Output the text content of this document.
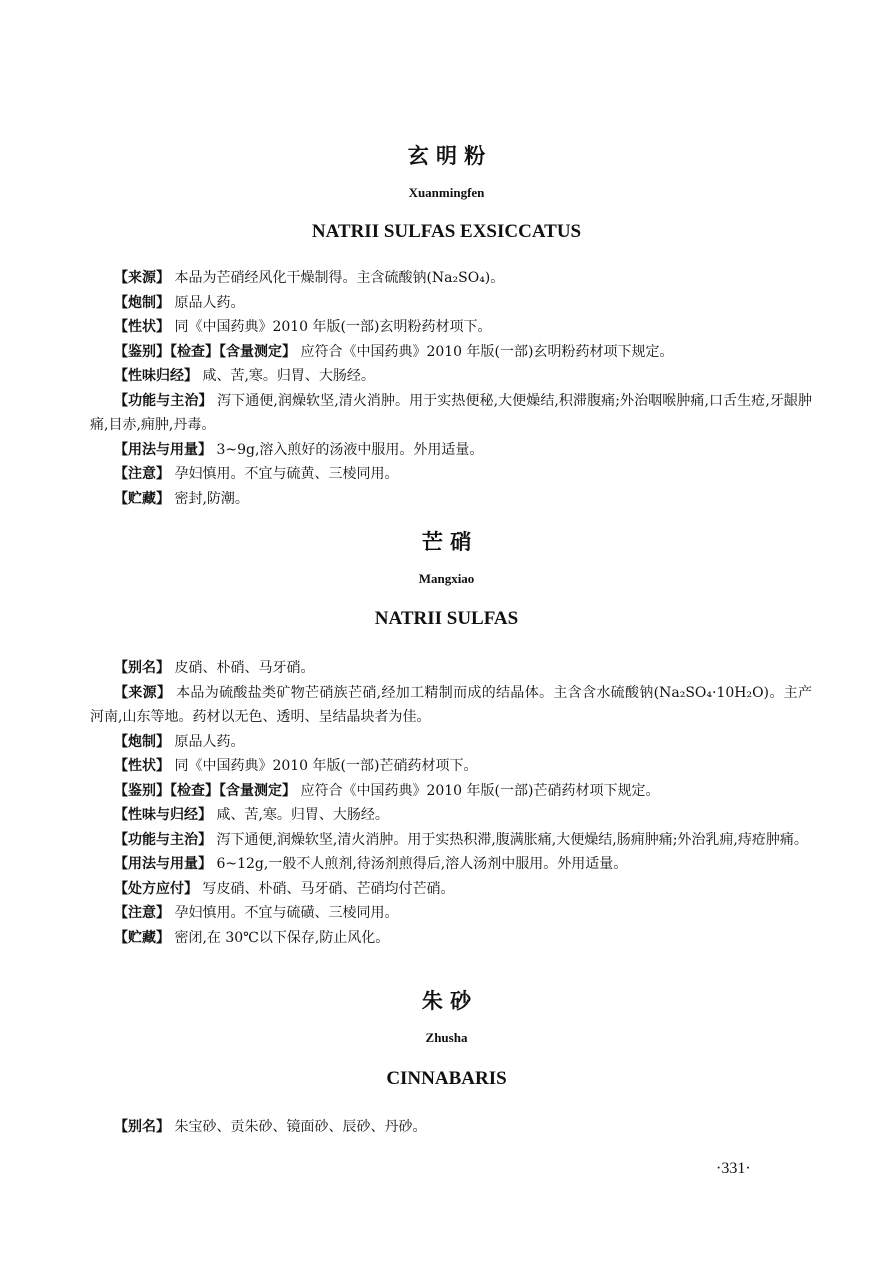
玄 明 粉
Xuanmingfen
NATRII SULFAS EXSICCATUS

【来源】 本品为芒硝经风化干燥制得。主含硫酸钠(Na₂SO₄)。

【炮制】 原品人药。

【性状】 同《中国药典》2010 年版(一部)玄明粉药材项下。

【鉴别】【检查】【含量测定】 应符合《中国药典》2010 年版(一部)玄明粉药材项下规定。

【性味归经】 咸、苦,寒。归胃、大肠经。

【功能与主治】 泻下通便,润燥软坚,清火消肿。用于实热便秘,大便燥结,积滞腹痛;外治咽喉肿痛,口舌生疮,牙龈肿痛,目赤,痈肿,丹毒。

【用法与用量】 3~9g,溶入煎好的汤液中服用。外用适量。

【注意】 孕妇慎用。不宜与硫黄、三棱同用。

【贮藏】 密封,防潮。

芒 硝
Mangxiao
NATRII SULFAS

【别名】 皮硝、朴硝、马牙硝。

【来源】 本品为硫酸盐类矿物芒硝族芒硝,经加工精制而成的结晶体。主含含水硫酸钠(Na₂SO₄·10H₂O)。主产河南,山东等地。药材以无色、透明、呈结晶块者为佳。

【炮制】 原品人药。

【性状】 同《中国药典》2010 年版(一部)芒硝药材项下。

【鉴别】【检查】【含量测定】 应符合《中国药典》2010 年版(一部)芒硝药材项下规定。

【性味与归经】 咸、苦,寒。归胃、大肠经。

【功能与主治】 泻下通便,润燥软坚,清火消肿。用于实热积滞,腹满胀痛,大便燥结,肠痈肿痛;外治乳痈,痔疮肿痛。

【用法与用量】 6~12g,一般不人煎剂,待汤剂煎得后,溶人汤剂中服用。外用适量。

【处方应付】 写皮硝、朴硝、马牙硝、芒硝均付芒硝。

【注意】 孕妇慎用。不宜与硫磺、三棱同用。

【贮藏】 密闭,在 30℃以下保存,防止风化。

朱 砂
Zhusha
CINNABARIS

【别名】 朱宝砂、贡朱砂、镜面砂、辰砂、丹砂。

·331·
